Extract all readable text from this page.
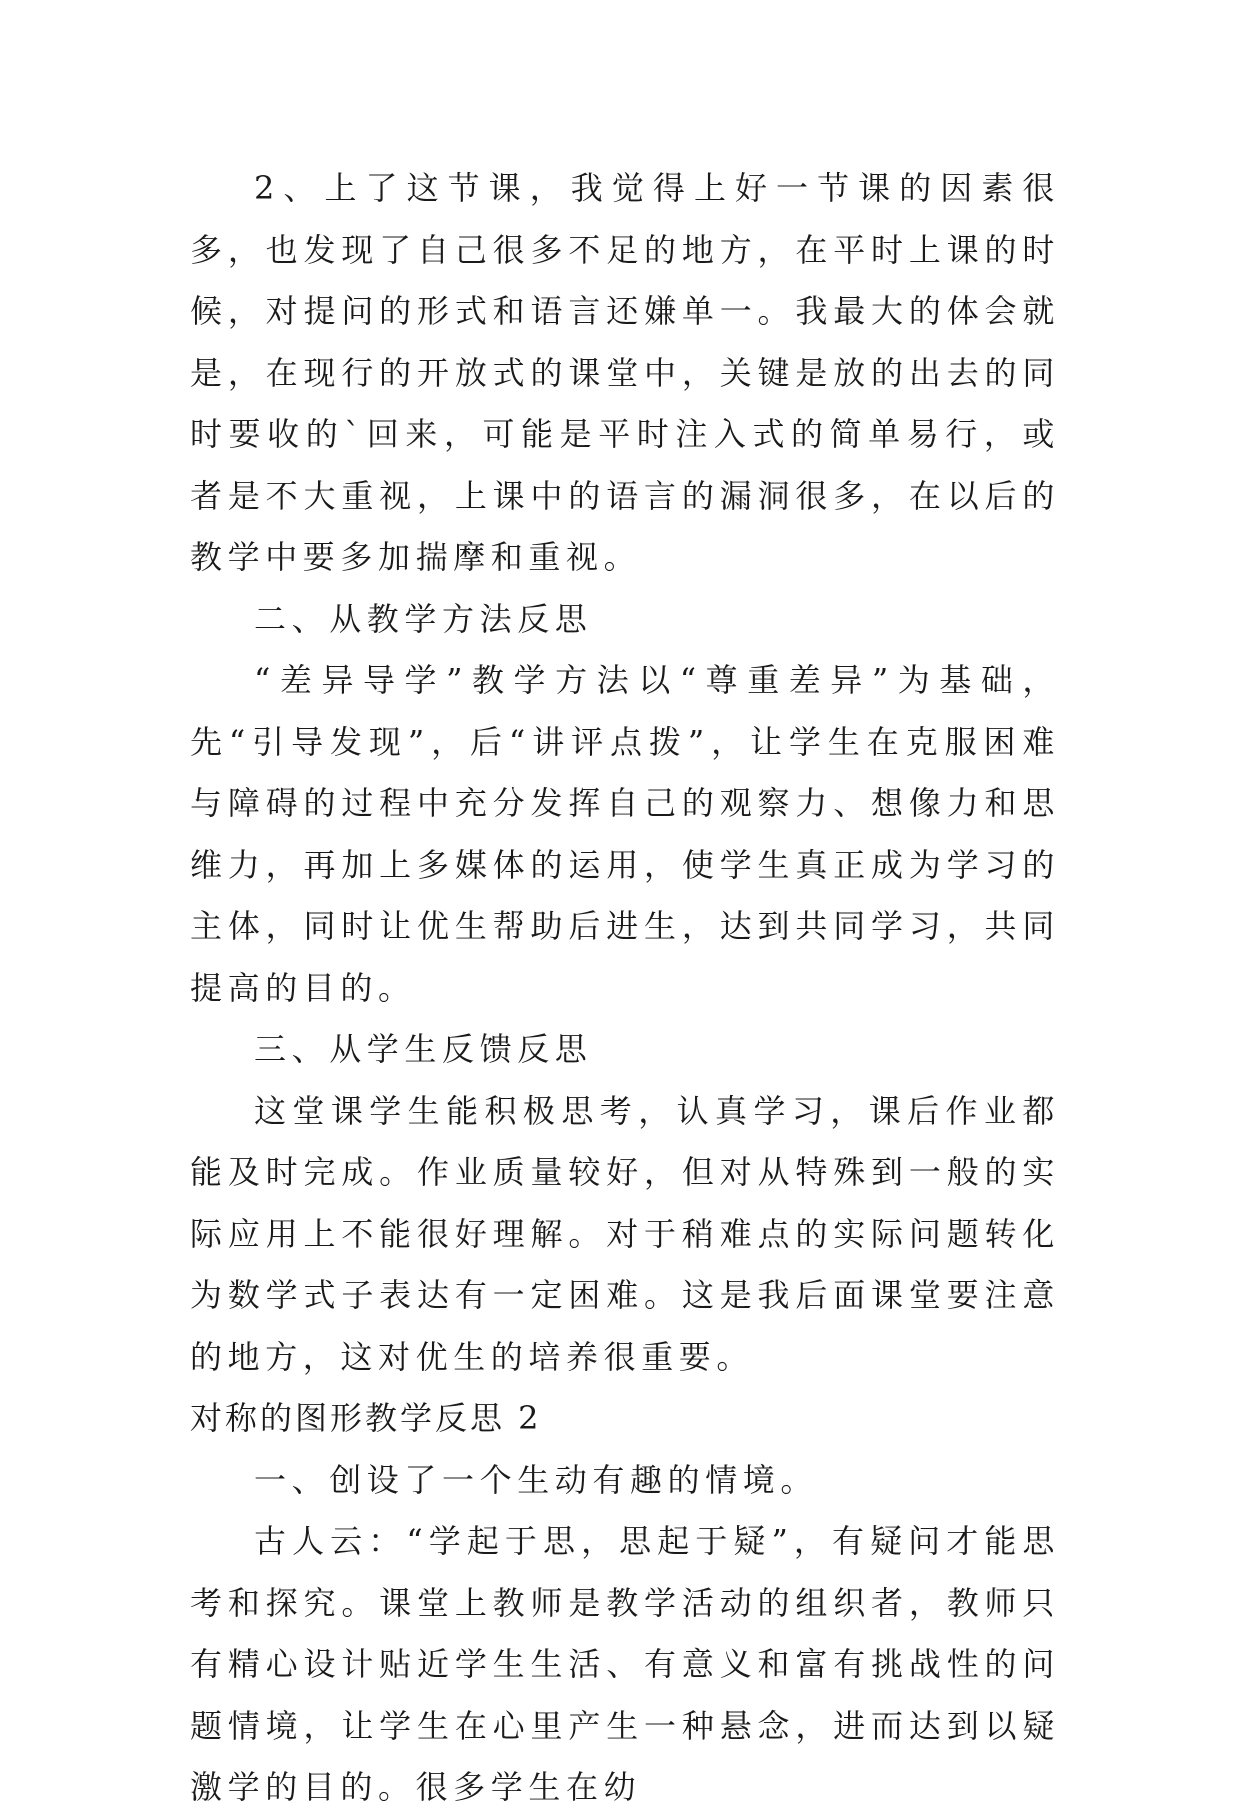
2、上了这节课，我觉得上好一节课的因素很多，也发现了自己很多不足的地方，在平时上课的时候，对提问的形式和语言还嫌单一。我最大的体会就是，在现行的开放式的课堂中，关键是放的出去的同时要收的`回来，可能是平时注入式的简单易行，或者是不大重视，上课中的语言的漏洞很多，在以后的教学中要多加揣摩和重视。

二、从教学方法反思

“差异导学”教学方法以“尊重差异”为基础，先“引导发现”，后“讲评点拨”，让学生在克服困难与障碍的过程中充分发挥自己的观察力、想像力和思维力，再加上多媒体的运用，使学生真正成为学习的主体，同时让优生帮助后进生，达到共同学习，共同提高的目的。

三、从学生反馈反思

这堂课学生能积极思考，认真学习，课后作业都能及时完成。作业质量较好，但对从特殊到一般的实际应用上不能很好理解。对于稍难点的实际问题转化为数学式子表达有一定困难。这是我后面课堂要注意的地方，这对优生的培养很重要。

对称的图形教学反思 2

一、创设了一个生动有趣的情境。

古人云：“学起于思，思起于疑”，有疑问才能思考和探究。课堂上教师是教学活动的组织者，教师只有精心设计贴近学生生活、有意义和富有挑战性的问题情境，让学生在心里产生一种悬念，进而达到以疑激学的目的。很多学生在幼
